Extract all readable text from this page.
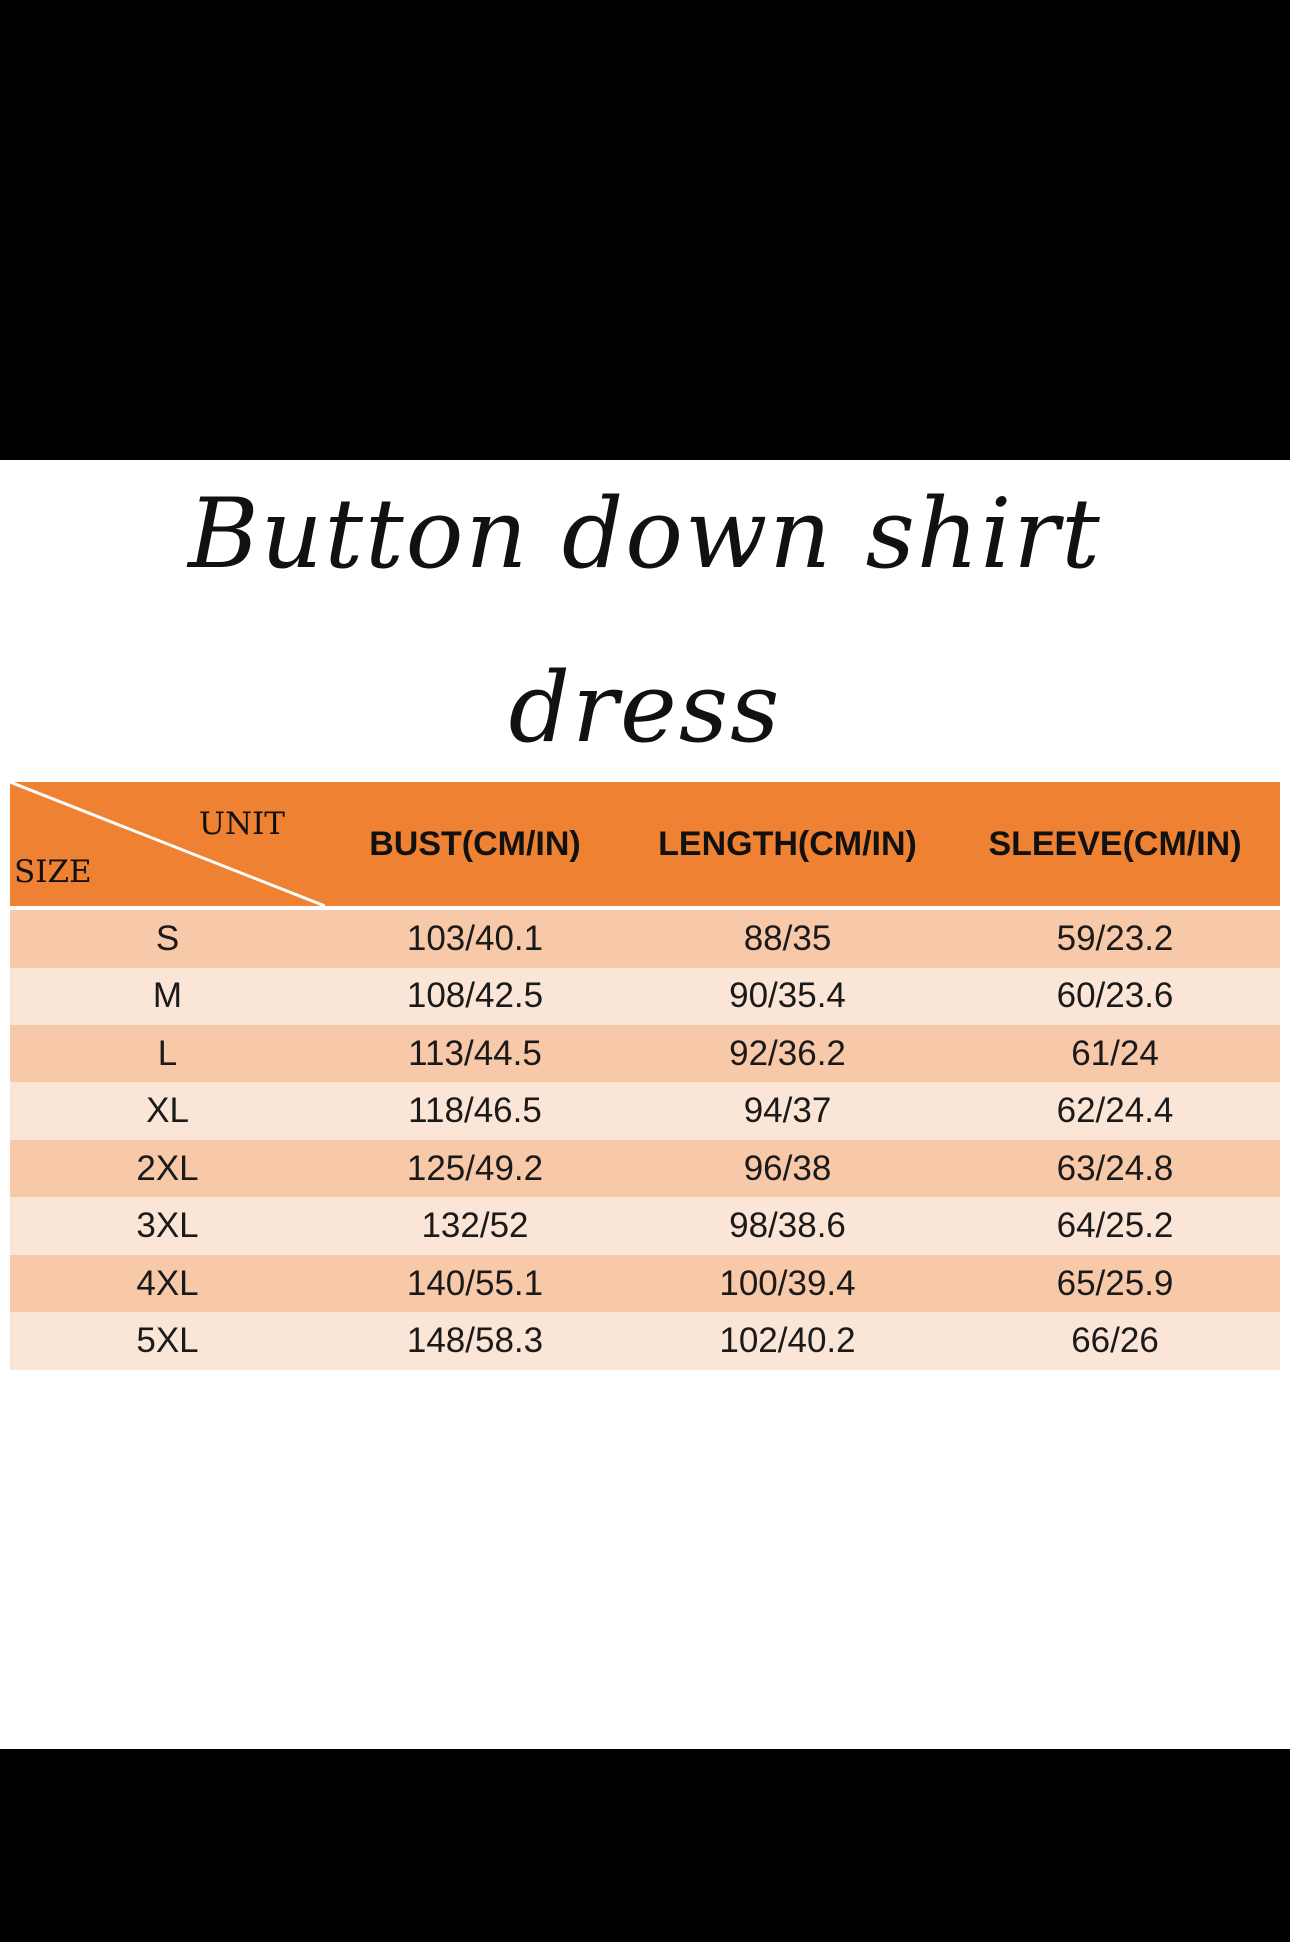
Button down shirt
dress
UNIT
SIZE	BUST(CM/IN)	LENGTH(CM/IN)	SLEEVE(CM/IN)

S	103/40.1	88/35	59/23.2
M	108/42.5	90/35.4	60/23.6
L	113/44.5	92/36.2	61/24
XL	118/46.5	94/37	62/24.4
2XL	125/49.2	96/38	63/24.8
3XL	132/52	98/38.6	64/25.2
4XL	140/55.1	100/39.4	65/25.9
5XL	148/58.3	102/40.2	66/26
